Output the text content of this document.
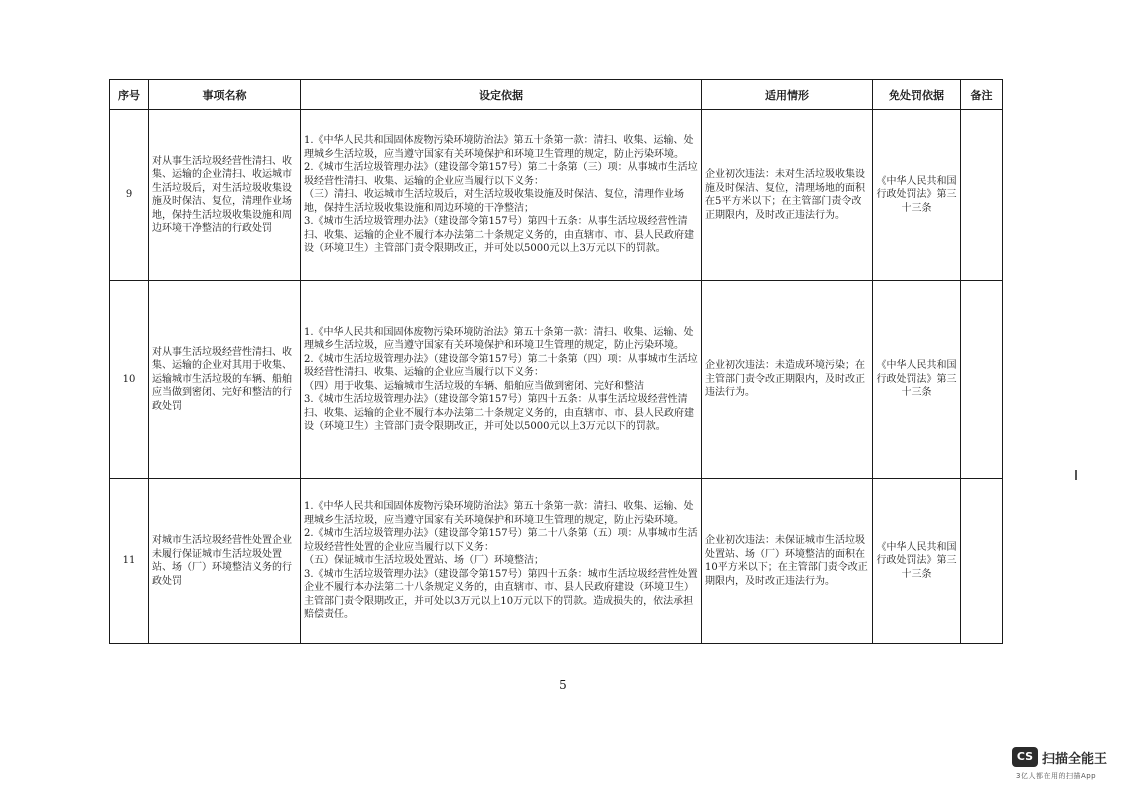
序号	事项名称	设定依据	适用情形	免处罚依据	备注
9	对从事生活垃圾经营性清扫、收集、运输的企业清扫、收运城市生活垃圾后，对生活垃圾收集设施及时保洁、复位，清理作业场地，保持生活垃圾收集设施和周边环境干净整洁的行政处罚	1.《中华人民共和国固体废物污染环境防治法》第五十条第一款：清扫、收集、运输、处理城乡生活垃圾，应当遵守国家有关环境保护和环境卫生管理的规定，防止污染环境。
2.《城市生活垃圾管理办法》（建设部令第157号）第二十条第（三）项：从事城市生活垃圾经营性清扫、收集、运输的企业应当履行以下义务：
（三）清扫、收运城市生活垃圾后，对生活垃圾收集设施及时保洁、复位，清理作业场地，保持生活垃圾收集设施和周边环境的干净整洁；
3.《城市生活垃圾管理办法》（建设部令第157号）第四十五条：从事生活垃圾经营性清扫、收集、运输的企业不履行本办法第二十条规定义务的，由直辖市、市、县人民政府建设（环境卫生）主管部门责令限期改正，并可处以5000元以上3万元以下的罚款。	企业初次违法：未对生活垃圾收集设施及时保洁、复位，清理场地的面积在5平方米以下；在主管部门责令改正期限内，及时改正违法行为。	《中华人民共和国行政处罚法》第三十三条	
10	对从事生活垃圾经营性清扫、收集、运输的企业对其用于收集、运输城市生活垃圾的车辆、船舶应当做到密闭、完好和整洁的行政处罚	1.《中华人民共和国固体废物污染环境防治法》第五十条第一款：清扫、收集、运输、处理城乡生活垃圾，应当遵守国家有关环境保护和环境卫生管理的规定，防止污染环境。
2.《城市生活垃圾管理办法》（建设部令第157号）第二十条第（四）项：从事城市生活垃圾经营性清扫、收集、运输的企业应当履行以下义务：
（四）用于收集、运输城市生活垃圾的车辆、船舶应当做到密闭、完好和整洁
3.《城市生活垃圾管理办法》（建设部令第157号）第四十五条：从事生活垃圾经营性清扫、收集、运输的企业不履行本办法第二十条规定义务的，由直辖市、市、县人民政府建设（环境卫生）主管部门责令限期改正，并可处以5000元以上3万元以下的罚款。	企业初次违法：未造成环境污染；在主管部门责令改正期限内，及时改正违法行为。	《中华人民共和国行政处罚法》第三十三条	
11	对城市生活垃圾经营性处置企业未履行保证城市生活垃圾处置站、场（厂）环境整洁义务的行政处罚	1.《中华人民共和国固体废物污染环境防治法》第五十条第一款：清扫、收集、运输、处理城乡生活垃圾，应当遵守国家有关环境保护和环境卫生管理的规定，防止污染环境。
2.《城市生活垃圾管理办法》（建设部令第157号）第二十八条第（五）项：从事城市生活垃圾经营性处置的企业应当履行以下义务：
（五）保证城市生活垃圾处置站、场（厂）环境整洁；
3.《城市生活垃圾管理办法》（建设部令第157号）第四十五条：城市生活垃圾经营性处置企业不履行本办法第二十八条规定义务的，由直辖市、市、县人民政府建设（环境卫生）主管部门责令限期改正，并可处以3万元以上10万元以下的罚款。造成损失的，依法承担赔偿责任。	企业初次违法：未保证城市生活垃圾处置站、场（厂）环境整洁的面积在10平方米以下；在主管部门责令改正期限内，及时改正违法行为。	《中华人民共和国行政处罚法》第三十三条	
5
CS 扫描全能王
3亿人都在用的扫描App
